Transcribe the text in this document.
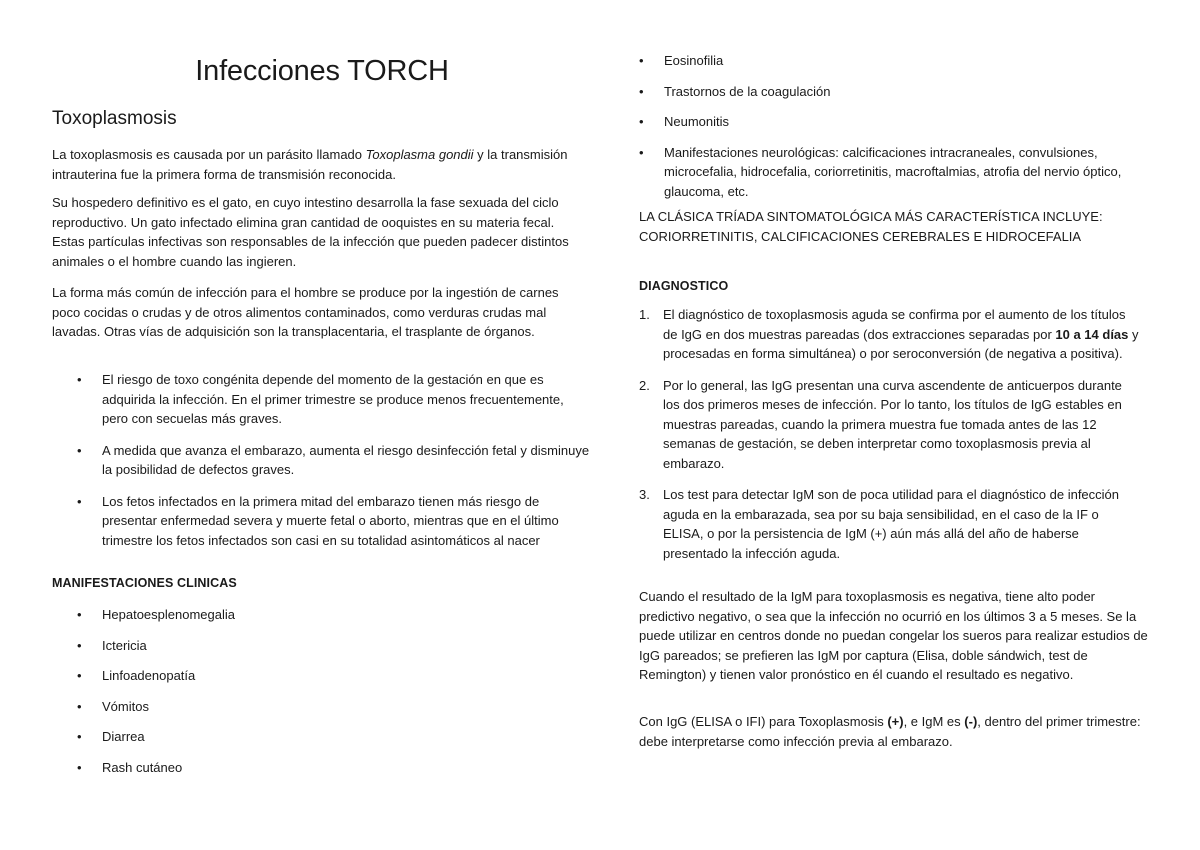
Infecciones TORCH
Toxoplasmosis

La toxoplasmosis es causada por un parásito llamado Toxoplasma gondii y la transmisión intrauterina fue la primera forma de transmisión reconocida.

Su hospedero definitivo es el gato, en cuyo intestino desarrolla la fase sexuada del ciclo reproductivo. Un gato infectado elimina gran cantidad de ooquistes en su materia fecal. Estas partículas infectivas son responsables de la infección que pueden padecer distintos animales o el hombre cuando las ingieren.

La forma más común de infección para el hombre se produce por la ingestión de carnes poco cocidas o crudas y de otros alimentos contaminados, como verduras crudas mal lavadas. Otras vías de adquisición son la transplacentaria, el trasplante de órganos.

• El riesgo de toxo congénita depende del momento de la gestación en que es adquirida la infección. En el primer trimestre se produce menos frecuentemente, pero con secuelas más graves.
• A medida que avanza el embarazo, aumenta el riesgo desinfección fetal y disminuye la posibilidad de defectos graves.
• Los fetos infectados en la primera mitad del embarazo tienen más riesgo de presentar enfermedad severa y muerte fetal o aborto, mientras que en el último trimestre los fetos infectados son casi en su totalidad asintomáticos al nacer

MANIFESTACIONES CLINICAS

• Hepatoesplenomegalia
• Ictericia
• Linfoadenopatía
• Vómitos
• Diarrea
• Rash cutáneo
• Eosinofilia
• Trastornos de la coagulación
• Neumonitis
• Manifestaciones neurológicas: calcificaciones intracraneales, convulsiones, microcefalia, hidrocefalia, coriorretinitis, macroftalmias, atrofia del nervio óptico, glaucoma, etc.

LA CLÁSICA TRÍADA SINTOMATOLÓGICA MÁS CARACTERÍSTICA INCLUYE: CORIORRETINITIS, CALCIFICACIONES CEREBRALES E HIDROCEFALIA

DIAGNOSTICO

1. El diagnóstico de toxoplasmosis aguda se confirma por el aumento de los títulos de IgG en dos muestras pareadas (dos extracciones separadas por 10 a 14 días y procesadas en forma simultánea) o por seroconversión (de negativa a positiva).
2. Por lo general, las IgG presentan una curva ascendente de anticuerpos durante los dos primeros meses de infección. Por lo tanto, los títulos de IgG estables en muestras pareadas, cuando la primera muestra fue tomada antes de las 12 semanas de gestación, se deben interpretar como toxoplasmosis previa al embarazo.
3. Los test para detectar IgM son de poca utilidad para el diagnóstico de infección aguda en la embarazada, sea por su baja sensibilidad, en el caso de la IF o ELISA, o por la persistencia de IgM (+) aún más allá del año de haberse presentado la infección aguda.

Cuando el resultado de la IgM para toxoplasmosis es negativa, tiene alto poder predictivo negativo, o sea que la infección no ocurrió en los últimos 3 a 5 meses. Se la puede utilizar en centros donde no puedan congelar los sueros para realizar estudios de IgG pareados; se prefieren las IgM por captura (Elisa, doble sándwich, test de Remington) y tienen valor pronóstico en él cuando el resultado es negativo.

Con IgG (ELISA o IFI) para Toxoplasmosis (+), e IgM es (-), dentro del primer trimestre: debe interpretarse como infección previa al embarazo.
